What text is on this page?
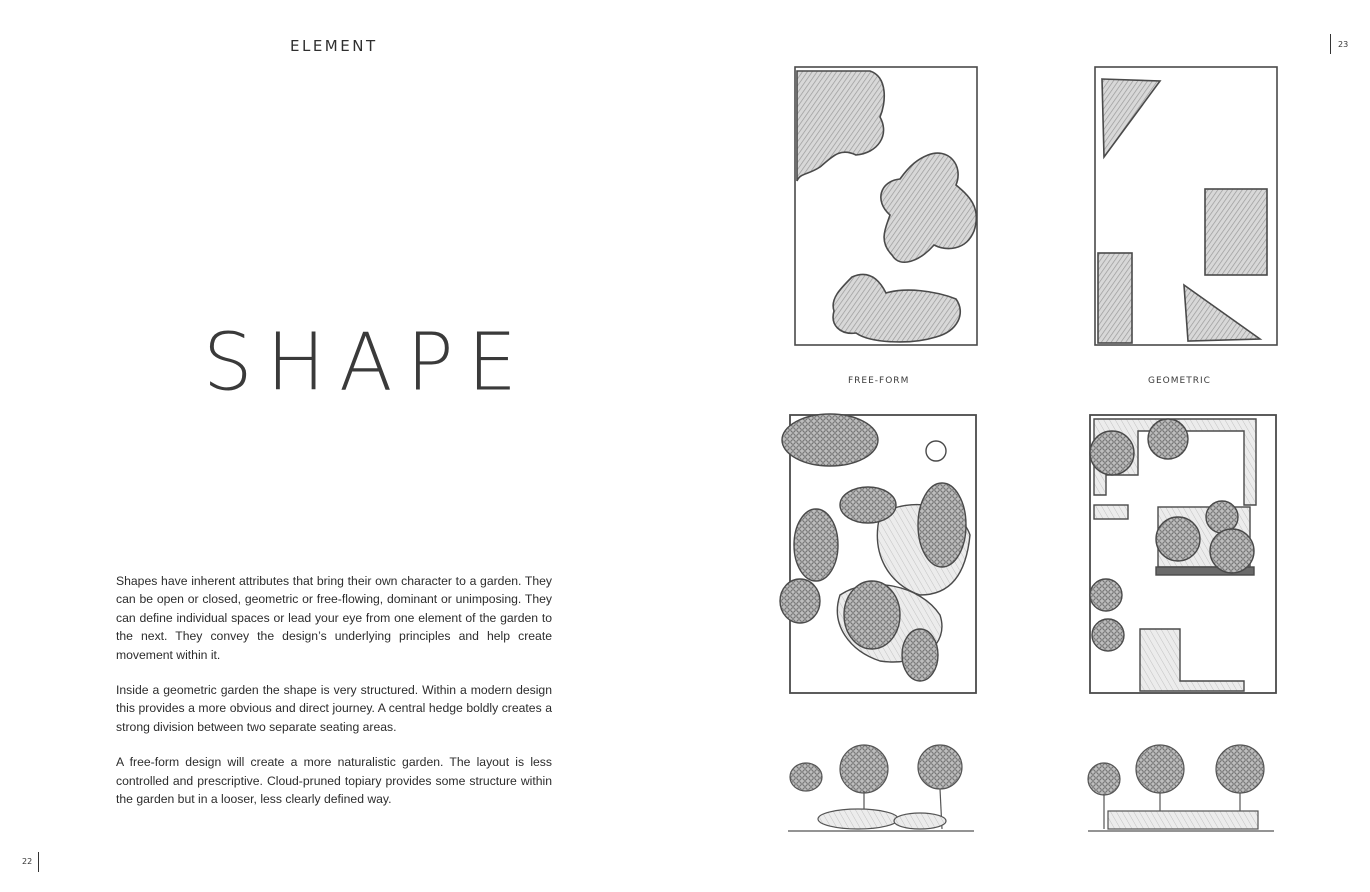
ELEMENT
SHAPE

Shapes have inherent attributes that bring their own character to a garden. They can be open or closed, geometric or free-flowing, dominant or unimposing. They can define individual spaces or lead your eye from one element of the garden to the next. They convey the design’s underlying principles and help create movement within it.

Inside a geometric garden the shape is very structured. Within a modern design this provides a more obvious and direct journey. A central hedge boldly creates a strong division between two separate seating areas.

A free-form design will create a more naturalistic garden. The layout is less controlled and prescriptive. Cloud-pruned topiary provides some structure within the garden but in a looser, less clearly defined way.

22
23
FREE-FORM	GEOMETRIC
